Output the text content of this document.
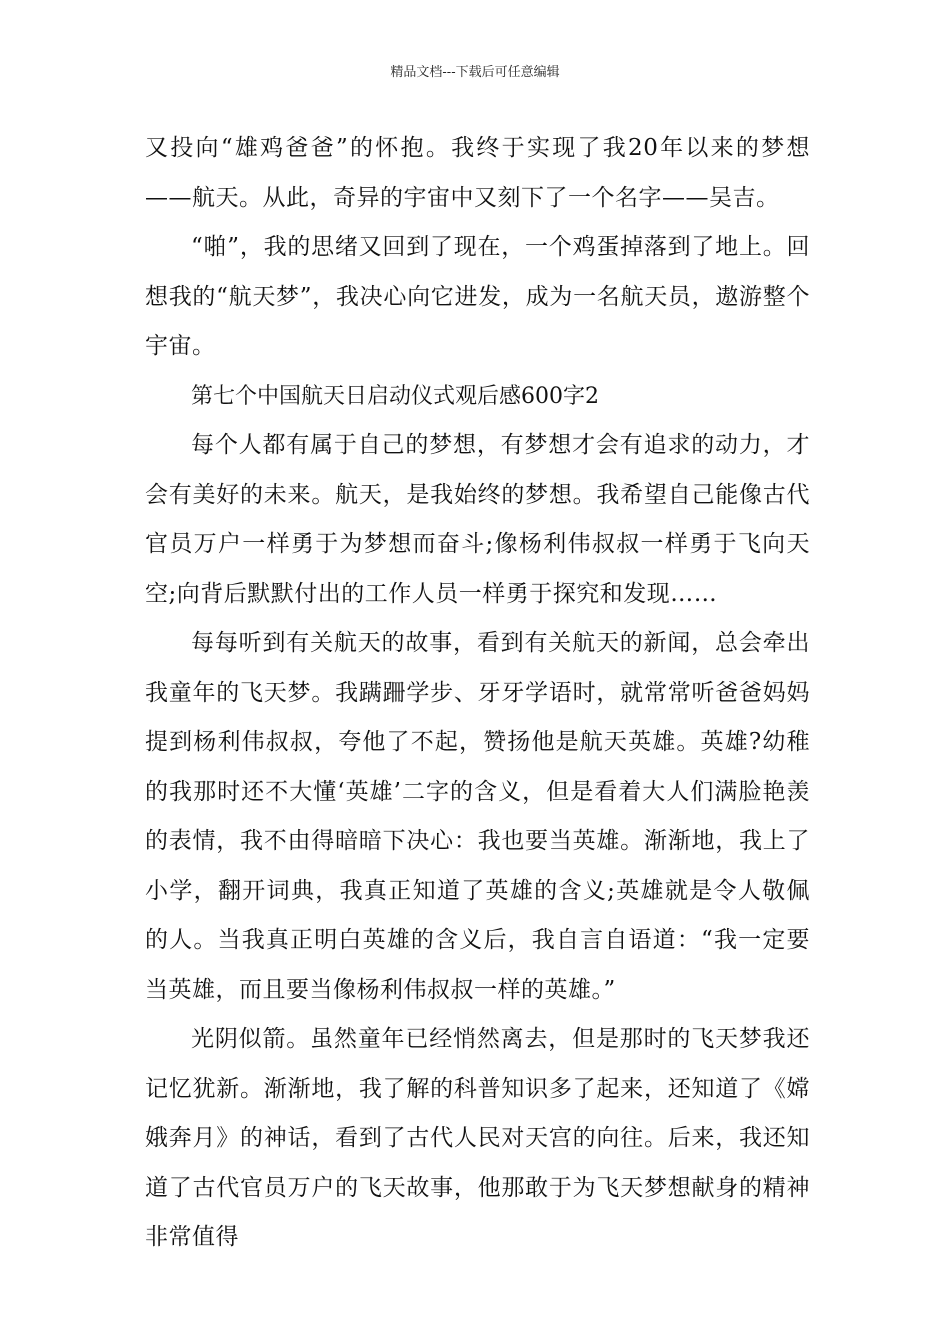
精品文档---下载后可任意编辑

又投向“雄鸡爸爸”的怀抱。我终于实现了我20年以来的梦想——航天。从此，奇异的宇宙中又刻下了一个名字——吴吉。

“啪”，我的思绪又回到了现在，一个鸡蛋掉落到了地上。回想我的“航天梦”，我决心向它进发，成为一名航天员，遨游整个宇宙。

第七个中国航天日启动仪式观后感600字2

每个人都有属于自己的梦想，有梦想才会有追求的动力，才会有美好的未来。航天，是我始终的梦想。我希望自己能像古代官员万户一样勇于为梦想而奋斗;像杨利伟叔叔一样勇于飞向天空;向背后默默付出的工作人员一样勇于探究和发现……

每每听到有关航天的故事，看到有关航天的新闻，总会牵出我童年的飞天梦。我蹒跚学步、牙牙学语时，就常常听爸爸妈妈提到杨利伟叔叔，夸他了不起，赞扬他是航天英雄。英雄?幼稚的我那时还不大懂‘英雄’二字的含义，但是看着大人们满脸艳羡的表情，我不由得暗暗下决心：我也要当英雄。渐渐地，我上了小学，翻开词典，我真正知道了英雄的含义;英雄就是令人敬佩的人。当我真正明白英雄的含义后，我自言自语道：“我一定要当英雄，而且要当像杨利伟叔叔一样的英雄。”

光阴似箭。虽然童年已经悄然离去，但是那时的飞天梦我还记忆犹新。渐渐地，我了解的科普知识多了起来，还知道了《嫦娥奔月》的神话，看到了古代人民对天宫的向往。后来，我还知道了古代官员万户的飞天故事，他那敢于为飞天梦想献身的精神非常值得
